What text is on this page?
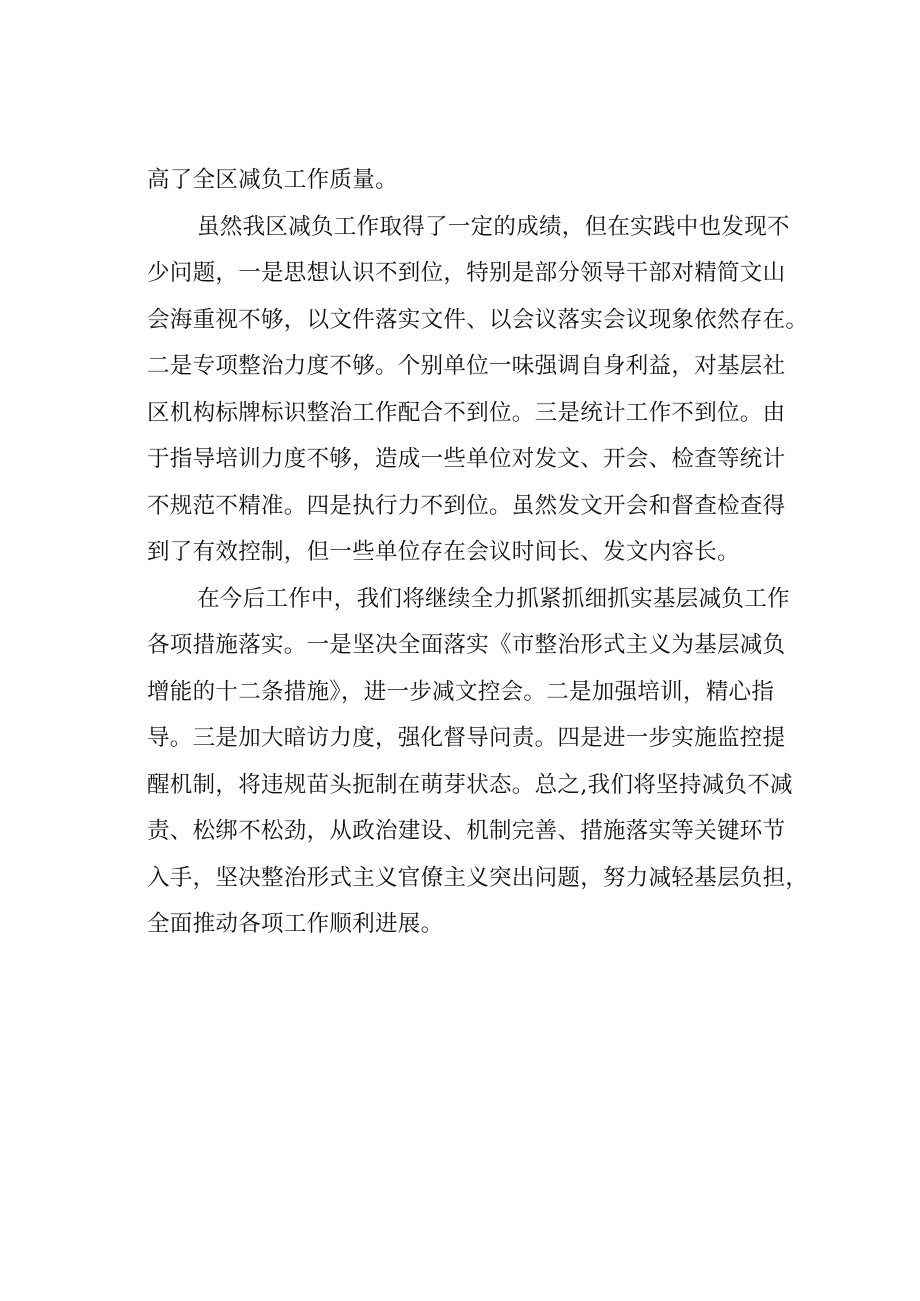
高了全区减负工作质量。
虽然我区减负工作取得了一定的成绩，但在实践中也发现不
少问题，一是思想认识不到位，特别是部分领导干部对精简文山
会海重视不够，以文件落实文件、以会议落实会议现象依然存在。
二是专项整治力度不够。个别单位一味强调自身利益，对基层社
区机构标牌标识整治工作配合不到位。三是统计工作不到位。由
于指导培训力度不够，造成一些单位对发文、开会、检查等统计
不规范不精准。四是执行力不到位。虽然发文开会和督查检查得
到了有效控制，但一些单位存在会议时间长、发文内容长。
在今后工作中，我们将继续全力抓紧抓细抓实基层减负工作
各项措施落实。一是坚决全面落实《市整治形式主义为基层减负
增能的十二条措施》，进一步减文控会。二是加强培训，精心指
导。三是加大暗访力度，强化督导问责。四是进一步实施监控提
醒机制，将违规苗头扼制在萌芽状态。总之,我们将坚持减负不减
责、松绑不松劲，从政治建设、机制完善、措施落实等关键环节
入手，坚决整治形式主义官僚主义突出问题，努力减轻基层负担，
全面推动各项工作顺利进展。
